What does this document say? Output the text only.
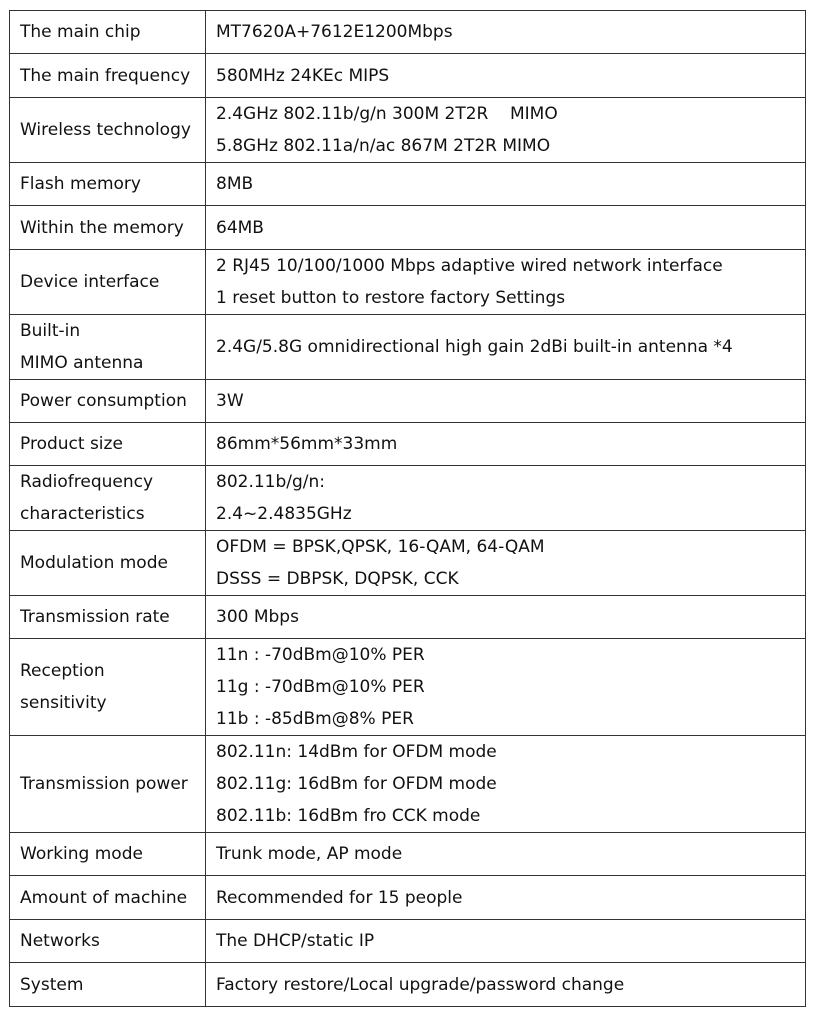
The main chip	MT7620A+7612E1200Mbps

The main frequency	580MHz 24KEc MIPS

Wireless technology	2.4GHz 802.11b/g/n 300M 2T2R    MIMO
5.8GHz 802.11a/n/ac 867M 2T2R MIMO

Flash memory	8MB

Within the memory	64MB

Device interface	2 RJ45 10/100/1000 Mbps adaptive wired network interface
1 reset button to restore factory Settings

Built-in
MIMO antenna	2.4G/5.8G omnidirectional high gain 2dBi built-in antenna *4

Power consumption	3W

Product size	86mm*56mm*33mm

Radiofrequency
characteristics	802.11b/g/n:
2.4~2.4835GHz

Modulation mode	OFDM = BPSK,QPSK, 16-QAM, 64-QAM
DSSS = DBPSK, DQPSK, CCK

Transmission rate	300 Mbps

Reception
sensitivity	11n : -70dBm@10% PER
11g : -70dBm@10% PER
11b : -85dBm@8% PER

Transmission power	802.11n: 14dBm for OFDM mode
802.11g: 16dBm for OFDM mode
802.11b: 16dBm fro CCK mode

Working mode	Trunk mode, AP mode

Amount of machine	Recommended for 15 people

Networks	The DHCP/static IP

System	Factory restore/Local upgrade/password change
